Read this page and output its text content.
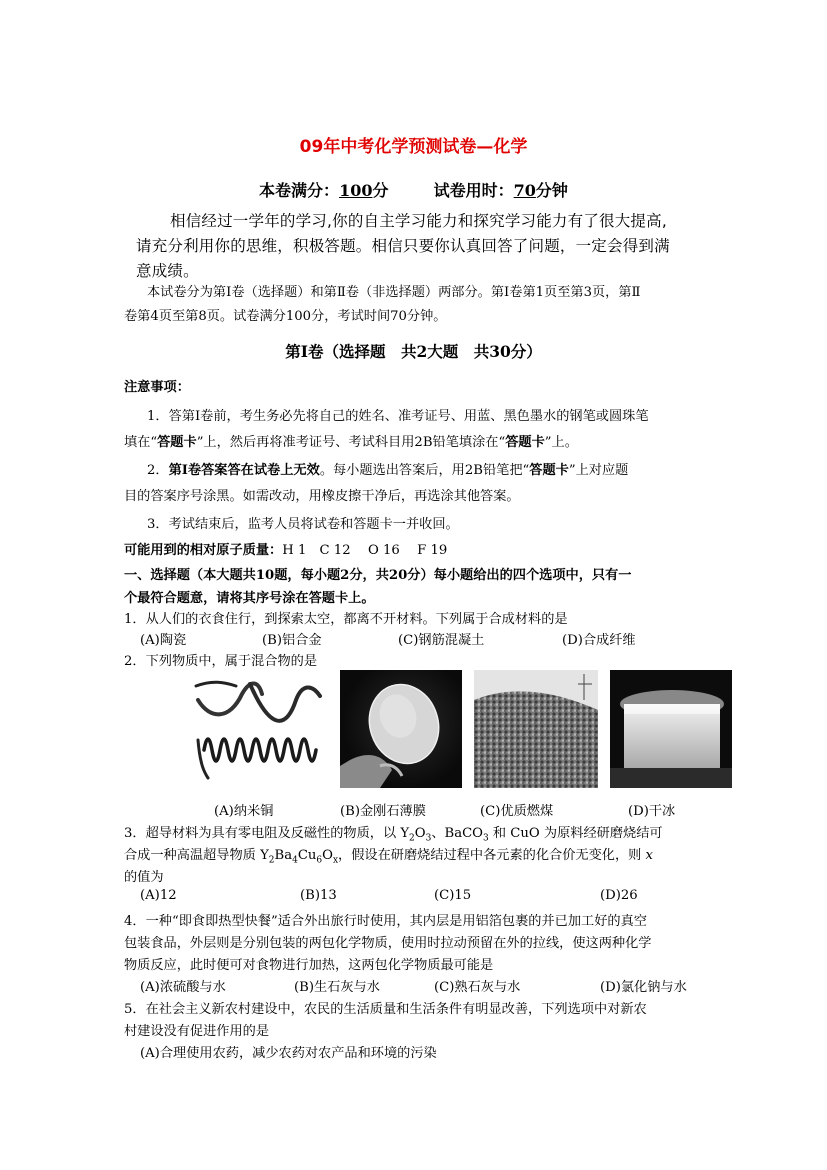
09年中考化学预测试卷—化学
本卷满分：100分	试卷用时：70分钟
相信经过一学年的学习,你的自主学习能力和探究学习能力有了很大提高,
请充分利用你的思维，积极答题。相信只要你认真回答了问题，一定会得到满
意成绩。
本试卷分为第Ⅰ卷（选择题）和第Ⅱ卷（非选择题）两部分。第Ⅰ卷第1页至第3页，第Ⅱ
卷第4页至第8页。试卷满分100分，考试时间70分钟。
第Ⅰ卷（选择题　共2大题　共30分）
注意事项：
1．答第Ⅰ卷前，考生务必先将自己的姓名、准考证号、用蓝、黑色墨水的钢笔或圆珠笔
填在“答题卡”上，然后再将准考证号、考试科目用2B铅笔填涂在“答题卡”上。
2．第Ⅰ卷答案答在试卷上无效。每小题选出答案后，用2B铅笔把“答题卡”上对应题
目的答案序号涂黑。如需改动，用橡皮擦干净后，再选涂其他答案。
3．考试结束后，监考人员将试卷和答题卡一并收回。
可能用到的相对原子质量：H 1　C 12　 O 16　 F 19
一、选择题（本大题共10题，每小题2分，共20分）每小题给出的四个选项中，只有一
个最符合题意，请将其序号涂在答题卡上。
1．从人们的衣食住行，到探索太空，都离不开材料。下列属于合成材料的是
(A)陶瓷	(B)铝合金	(C)钢筋混凝土	(D)合成纤维
2．下列物质中，属于混合物的是
(A)纳米铜	(B)金刚石薄膜	(C)优质燃煤	(D)干冰
3．超导材料为具有零电阻及反磁性的物质，以 $Y_2O_3$、BaCO$_3$ 和 CuO 为原料经研磨烧结可
合成一种高温超导物质 $Y_2Ba_4Cu_6O_x$，假设在研磨烧结过程中各元素的化合价无变化，则 x
的值为
(A)12	(B)13	(C)15	(D)26
4．一种“即食即热型快餐”适合外出旅行时使用，其内层是用铝箔包裹的并已加工好的真空
包装食品，外层则是分别包装的两包化学物质，使用时拉动预留在外的拉线，使这两种化学
物质反应，此时便可对食物进行加热，这两包化学物质最可能是
(A)浓硫酸与水	(B)生石灰与水	(C)熟石灰与水	(D)氯化钠与水
5．在社会主义新农村建设中，农民的生活质量和生活条件有明显改善，下列选项中对新农
村建设没有促进作用的是
(A)合理使用农药，减少农药对农产品和环境的污染
